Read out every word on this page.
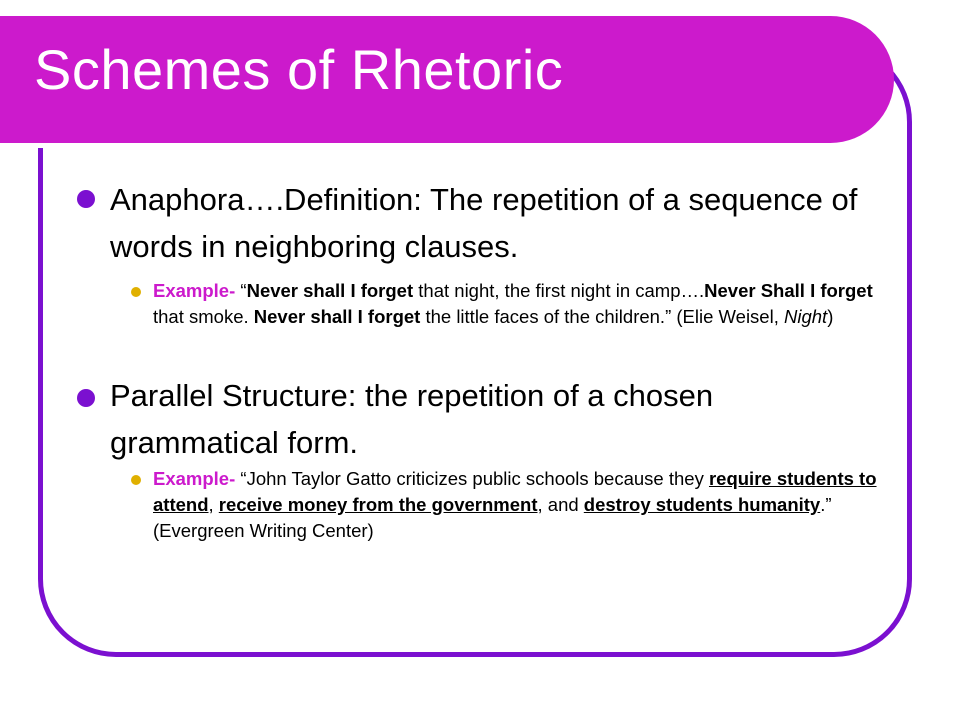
Schemes of Rhetoric
Anaphora….Definition: The repetition of a sequence of words in neighboring clauses.
Example- “Never shall I forget that night, the first night in camp….Never Shall I forget that smoke. Never shall I forget the little faces of the children.” (Elie Weisel, Night)
Parallel Structure: the repetition of a chosen grammatical form.
Example- “John Taylor Gatto criticizes public schools because they require students to attend, receive money from the government, and destroy students humanity.” (Evergreen Writing Center)
